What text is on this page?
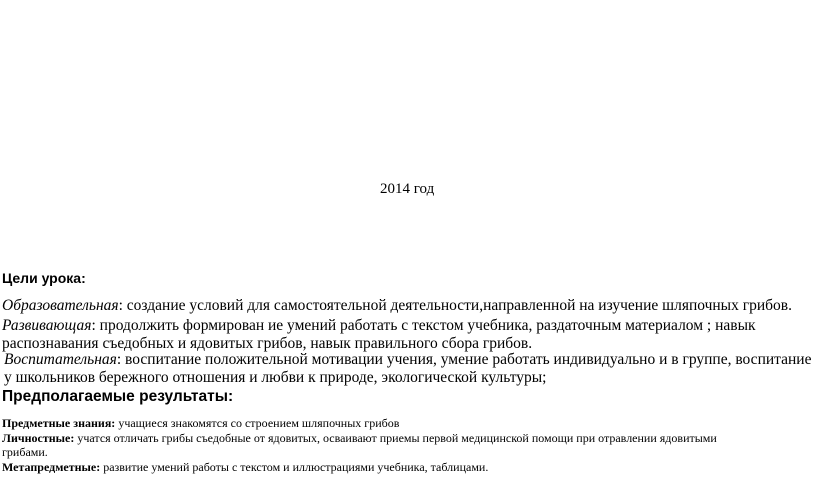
2014 год
Цели урока:
Образовательная: создание условий для самостоятельной деятельности,направленной на изучение шляпочных грибов.
Развивающая: продолжить формирован ие умений работать с текстом учебника, раздаточным материалом ; навык
распознавания съедобных и ядовитых грибов, навык правильного сбора грибов.
Воспитательная: воспитание положительной мотивации учения, умение работать индивидуально и в группе, воспитание
у школьников бережного отношения и любви к природе, экологической культуры;
Предполагаемые результаты:
Предметные знания: учащиеся знакомятся со строением шляпочных грибов
Личностные: учатся отличать грибы съедобные от ядовитых, осваивают приемы первой медицинской помощи при отравлении ядовитыми
грибами.
Метапредметные: развитие умений работы с текстом и иллюстрациями учебника, таблицами.
